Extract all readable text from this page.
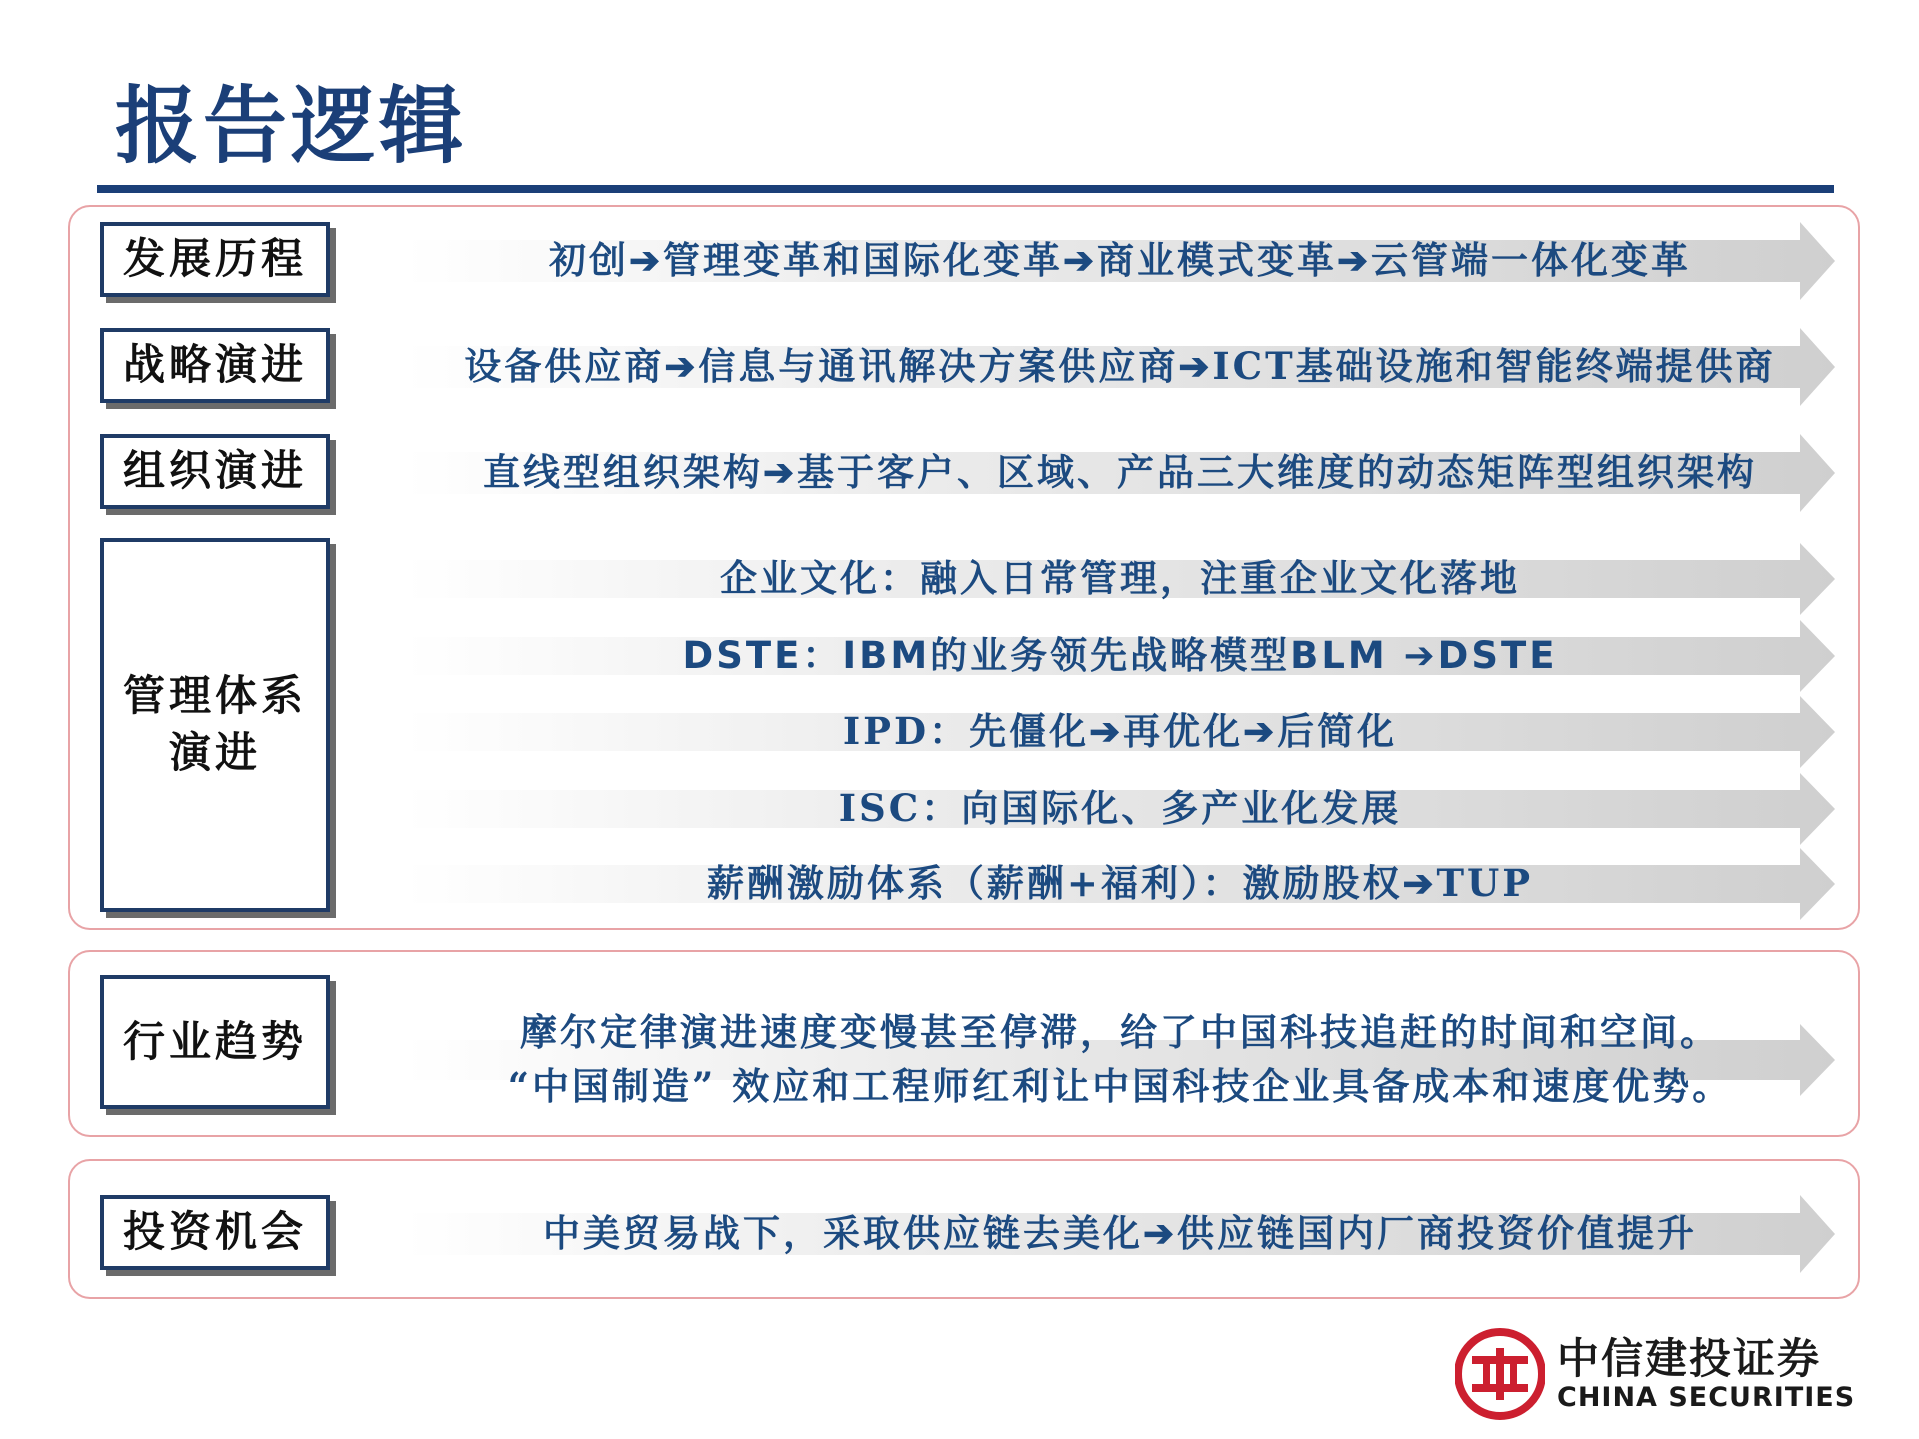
报告逻辑
发展历程
战略演进
组织演进
管理体系
演进
行业趋势
投资机会
初创➔管理变革和国际化变革➔商业模式变革➔云管端一体化变革
设备供应商➔信息与通讯解决方案供应商➔ICT基础设施和智能终端提供商
直线型组织架构➔基于客户、区域、产品三大维度的动态矩阵型组织架构
企业文化：融入日常管理，注重企业文化落地
DSTE：IBM的业务领先战略模型BLM ➔DSTE
IPD：先僵化➔再优化➔后简化
ISC：向国际化、多产业化发展
薪酬激励体系（薪酬+福利）：激励股权➔TUP
摩尔定律演进速度变慢甚至停滞，给了中国科技追赶的时间和空间。
“中国制造” 效应和工程师红利让中国科技企业具备成本和速度优势。
中美贸易战下，采取供应链去美化➔供应链国内厂商投资价值提升
中信建投证券
CHINA SECURITIES
